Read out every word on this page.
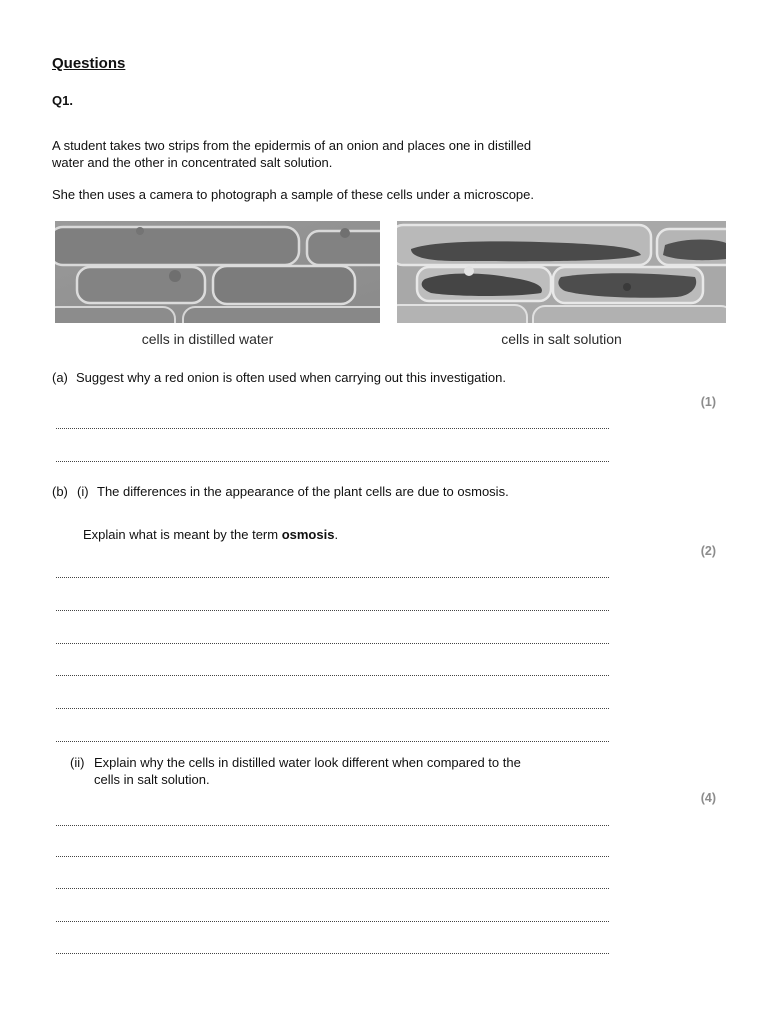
Questions
Q1.
A student takes two strips from the epidermis of an onion and places one in distilled
water and the other in concentrated salt solution.
She then uses a camera to photograph a sample of these cells under a microscope.
cells in distilled water	cells in salt solution
(a) Suggest why a red onion is often used when carrying out this investigation.
(1)
(b) (i) The differences in the appearance of the plant cells are due to osmosis.
Explain what is meant by the term osmosis.
(2)
(ii) Explain why the cells in distilled water look different when compared to the
cells in salt solution.
(4)
